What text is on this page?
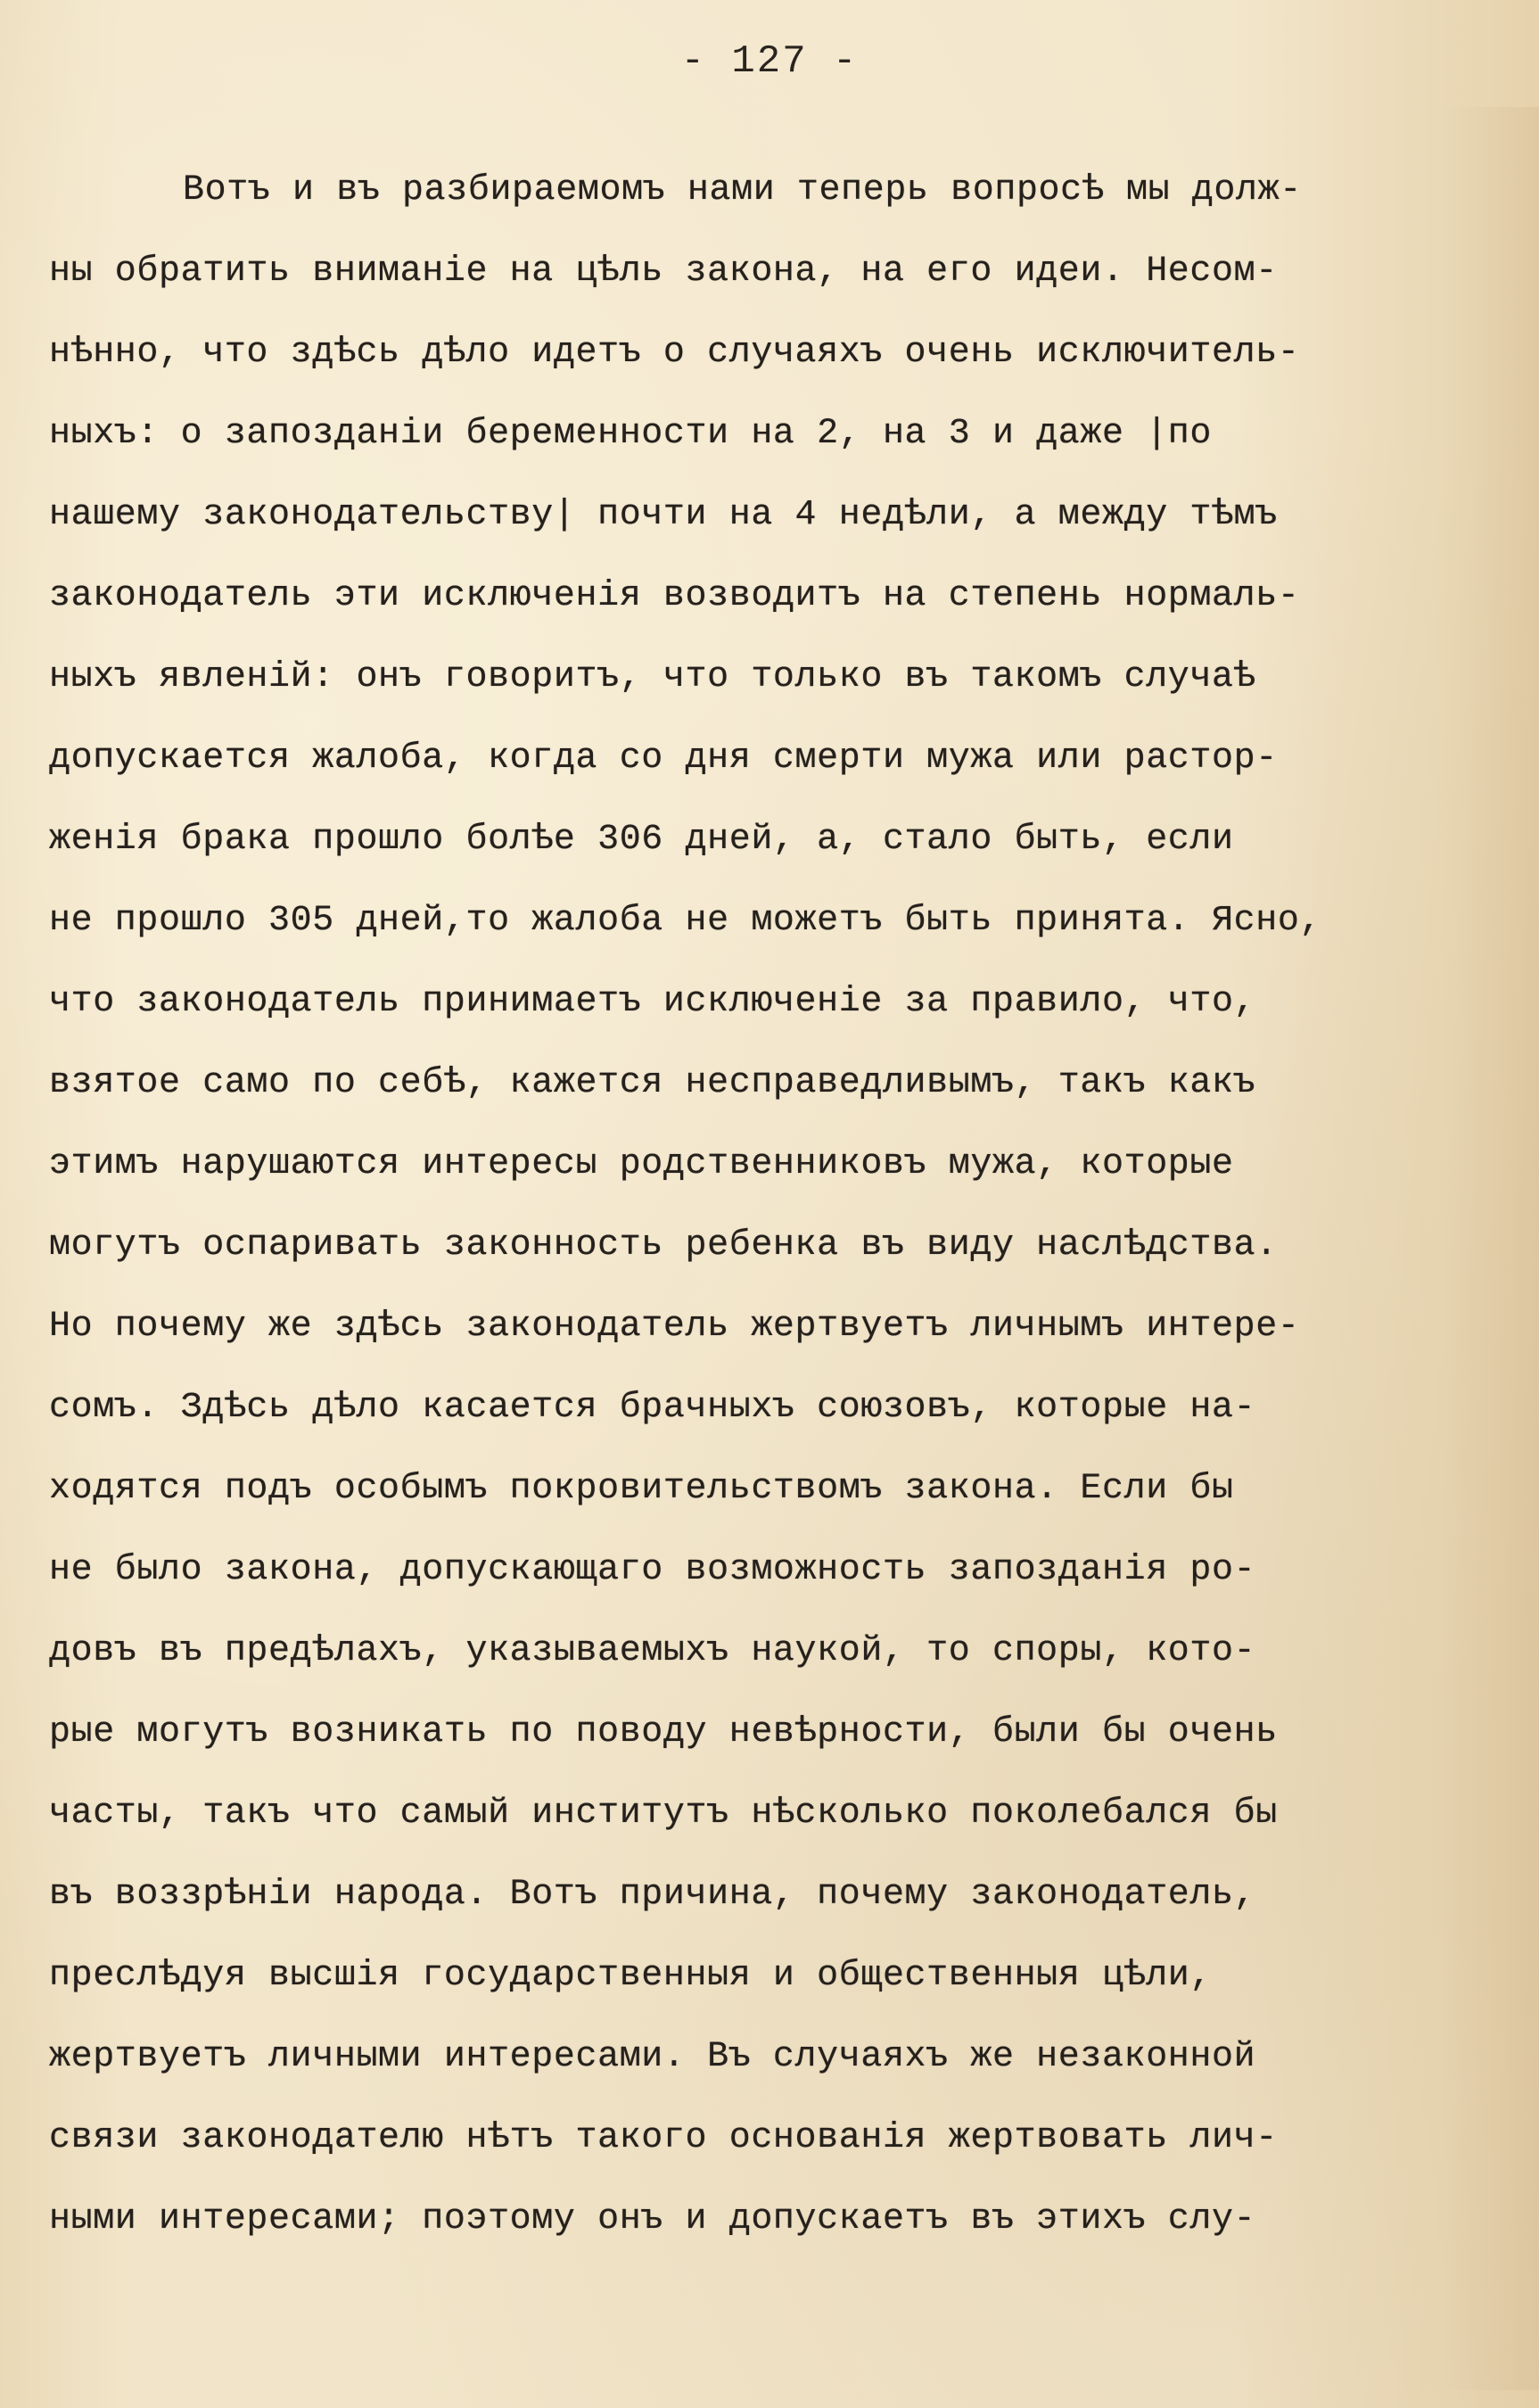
- 127 -
Вотъ и въ разбираемомъ нами теперь вопросѣ мы долж-
ны обратить вниманіе на цѣль закона, на его идеи. Несом-
нѣнно, что здѣсь дѣло идетъ о случаяхъ очень исключитель-
ныхъ: о запозданіи беременности на 2, на 3 и даже |по
нашему законодательству| почти на 4 недѣли, а между тѣмъ
законодатель эти исключенія возводитъ на степень нормаль-
ныхъ явленій: онъ говоритъ, что только въ такомъ случаѣ
допускается жалоба, когда со дня смерти мужа или растор-
женія брака прошло болѣе 306 дней, а, стало быть, если
не прошло 305 дней,то жалоба не можетъ быть принята. Ясно,
что законодатель принимаетъ исключеніе за правило, что,
взятое само по себѣ, кажется несправедливымъ, такъ какъ
этимъ нарушаются интересы родственниковъ мужа, которые
могутъ оспаривать законность ребенка въ виду наслѣдства.
Но почему же здѣсь законодатель жертвуетъ личнымъ интере-
сомъ. Здѣсь дѣло касается брачныхъ союзовъ, которые на-
ходятся подъ особымъ покровительствомъ закона. Если бы
не было закона, допускающаго возможность запозданія ро-
довъ въ предѣлахъ, указываемыхъ наукой, то споры, кото-
рые могутъ возникать по поводу невѣрности, были бы очень
часты, такъ что самый институтъ нѣсколько поколебался бы
въ воззрѣніи народа. Вотъ причина, почему законодатель,
преслѣдуя высшія государственныя и общественныя цѣли,
жертвуетъ личными интересами. Въ случаяхъ же незаконной
связи законодателю нѣтъ такого основанія жертвовать лич-
ными интересами; поэтому онъ и допускаетъ въ этихъ слу-
